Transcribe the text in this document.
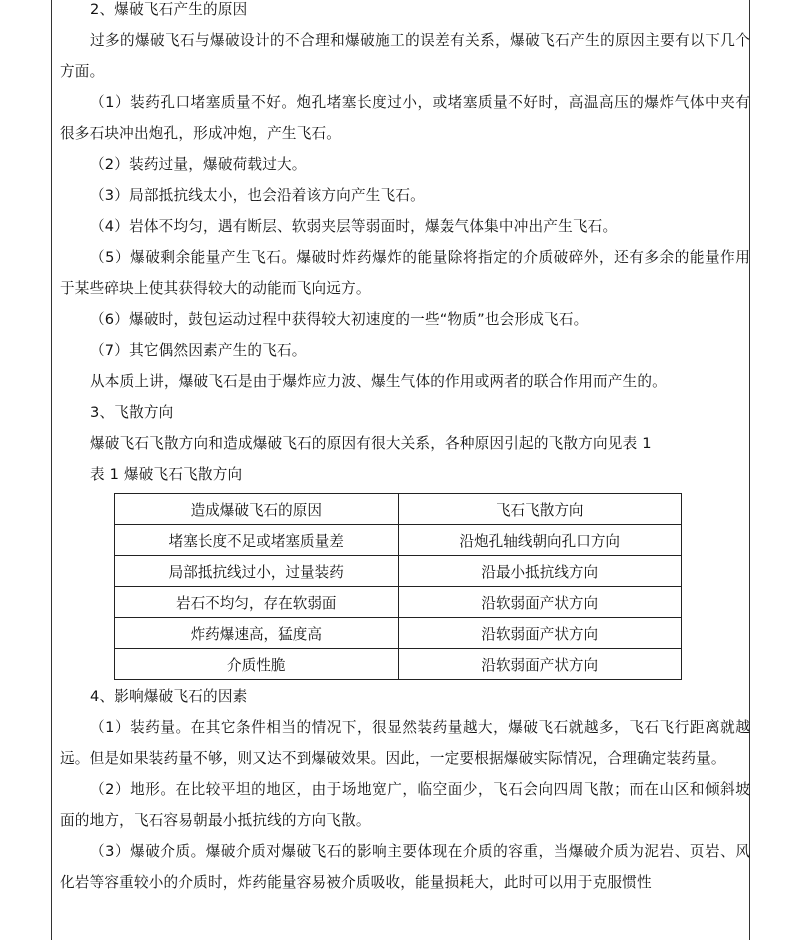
2、爆破飞石产生的原因

过多的爆破飞石与爆破设计的不合理和爆破施工的误差有关系，爆破飞石产生的原因主要有以下几个方面。

（1）装药孔口堵塞质量不好。炮孔堵塞长度过小，或堵塞质量不好时，高温高压的爆炸气体中夹有很多石块冲出炮孔，形成冲炮，产生飞石。

（2）装药过量，爆破荷载过大。

（3）局部抵抗线太小，也会沿着该方向产生飞石。

（4）岩体不均匀，遇有断层、软弱夹层等弱面时，爆轰气体集中冲出产生飞石。

（5）爆破剩余能量产生飞石。爆破时炸药爆炸的能量除将指定的介质破碎外，还有多余的能量作用于某些碎块上使其获得较大的动能而飞向远方。

（6）爆破时，鼓包运动过程中获得较大初速度的一些“物质”也会形成飞石。

（7）其它偶然因素产生的飞石。

从本质上讲，爆破飞石是由于爆炸应力波、爆生气体的作用或两者的联合作用而产生的。

3、飞散方向

爆破飞石飞散方向和造成爆破飞石的原因有很大关系，各种原因引起的飞散方向见表 1

表 1 爆破飞石飞散方向

造成爆破飞石的原因	飞石飞散方向
堵塞长度不足或堵塞质量差	沿炮孔轴线朝向孔口方向
局部抵抗线过小，过量装药	沿最小抵抗线方向
岩石不均匀，存在软弱面	沿软弱面产状方向
炸药爆速高，猛度高	沿软弱面产状方向
介质性脆	沿软弱面产状方向

4、影响爆破飞石的因素

（1）装药量。在其它条件相当的情况下，很显然装药量越大，爆破飞石就越多，飞石飞行距离就越远。但是如果装药量不够，则又达不到爆破效果。因此，一定要根据爆破实际情况，合理确定装药量。

（2）地形。在比较平坦的地区，由于场地宽广，临空面少，飞石会向四周飞散；而在山区和倾斜坡面的地方，飞石容易朝最小抵抗线的方向飞散。

（3）爆破介质。爆破介质对爆破飞石的影响主要体现在介质的容重，当爆破介质为泥岩、页岩、风化岩等容重较小的介质时，炸药能量容易被介质吸收，能量损耗大，此时可以用于克服惯性
